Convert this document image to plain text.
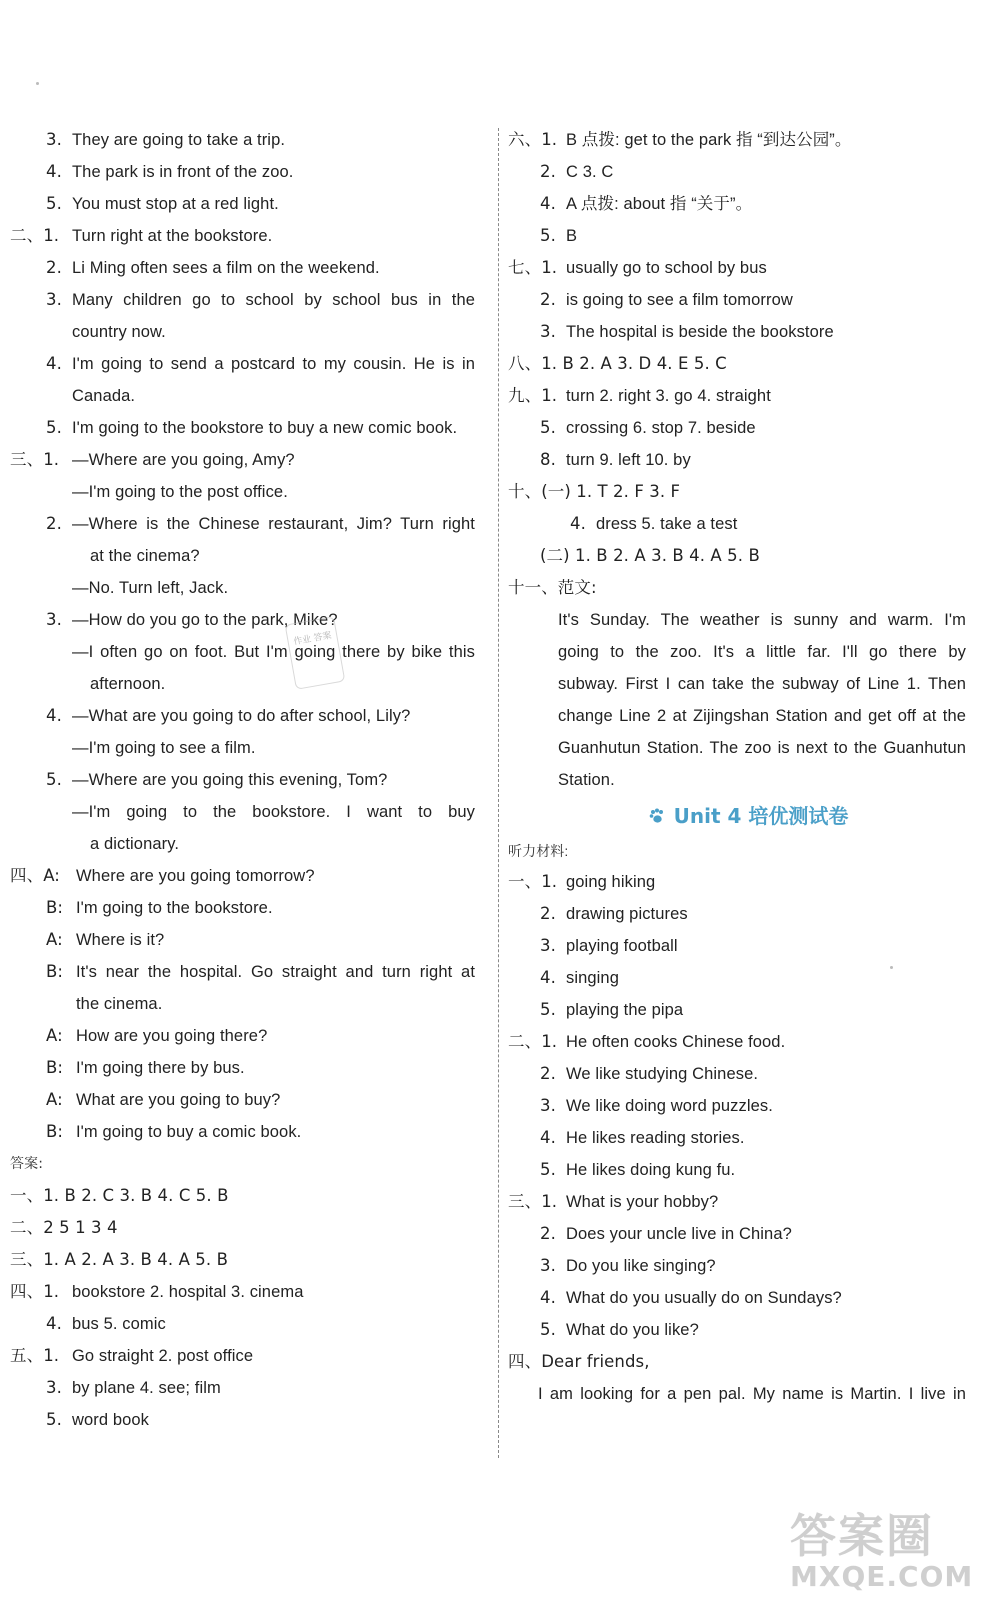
3. They are going to take a trip.
4. The park is in front of the zoo.
5. You must stop at a red light.
二、1. Turn right at the bookstore.
2. Li Ming often sees a film on the weekend.
3. Many children go to school by school bus in the
country now.
4. I'm going to send a postcard to my cousin. He is in
Canada.
5. I'm going to the bookstore to buy a new comic book.
三、1. —Where are you going, Amy?
—I'm going to the post office.
2. —Where is the Chinese restaurant, Jim? Turn right
at the cinema?
—No. Turn left, Jack.
3. —How do you go to the park, Mike?
—I often go on foot. But I'm going there by bike this
afternoon.
4. —What are you going to do after school, Lily?
—I'm going to see a film.
5. —Where are you going this evening, Tom?
—I'm going to the bookstore. I want to buy
a dictionary.
四、A: Where are you going tomorrow?
B: I'm going to the bookstore.
A: Where is it?
B: It's near the hospital. Go straight and turn right at
the cinema.
A: How are you going there?
B: I'm going there by bus.
A: What are you going to buy?
B: I'm going to buy a comic book.
答案:
一、1. B 2. C 3. B 4. C 5. B
二、2 5 1 3 4
三、1. A 2. A 3. B 4. A 5. B
四、1. bookstore 2. hospital 3. cinema
4. bus 5. comic
五、1. Go straight 2. post office
3. by plane 4. see; film
5. word book
六、1. B 点拨: get to the park 指 “到达公园”。
2. C 3. C
4. A 点拨: about 指 “关于”。
5. B
七、1. usually go to school by bus
2. is going to see a film tomorrow
3. The hospital is beside the bookstore
八、1. B 2. A 3. D 4. E 5. C
九、1. turn 2. right 3. go 4. straight
5. crossing 6. stop 7. beside
8. turn 9. left 10. by
十、(一) 1. T 2. F 3. F
4. dress 5. take a test
(二) 1. B 2. A 3. B 4. A 5. B
十一、范文:
It's Sunday. The weather is sunny and warm. I'm
going to the zoo. It's a little far. I'll go there by
subway. First I can take the subway of Line 1. Then
change Line 2 at Zijingshan Station and get off at the
Guanhutun Station. The zoo is next to the Guanhutun
Station.
Unit 4 培优测试卷
听力材料:
一、1. going hiking
2. drawing pictures
3. playing football
4. singing
5. playing the pipa
二、1. He often cooks Chinese food.
2. We like studying Chinese.
3. We like doing word puzzles.
4. He likes reading stories.
5. He likes doing kung fu.
三、1. What is your hobby?
2. Does your uncle live in China?
3. Do you like singing?
4. What do you usually do on Sundays?
5. What do you like?
四、Dear friends,
I am looking for a pen pal. My name is Martin. I live in
作业 答案
答案圈
MXQE.COM
